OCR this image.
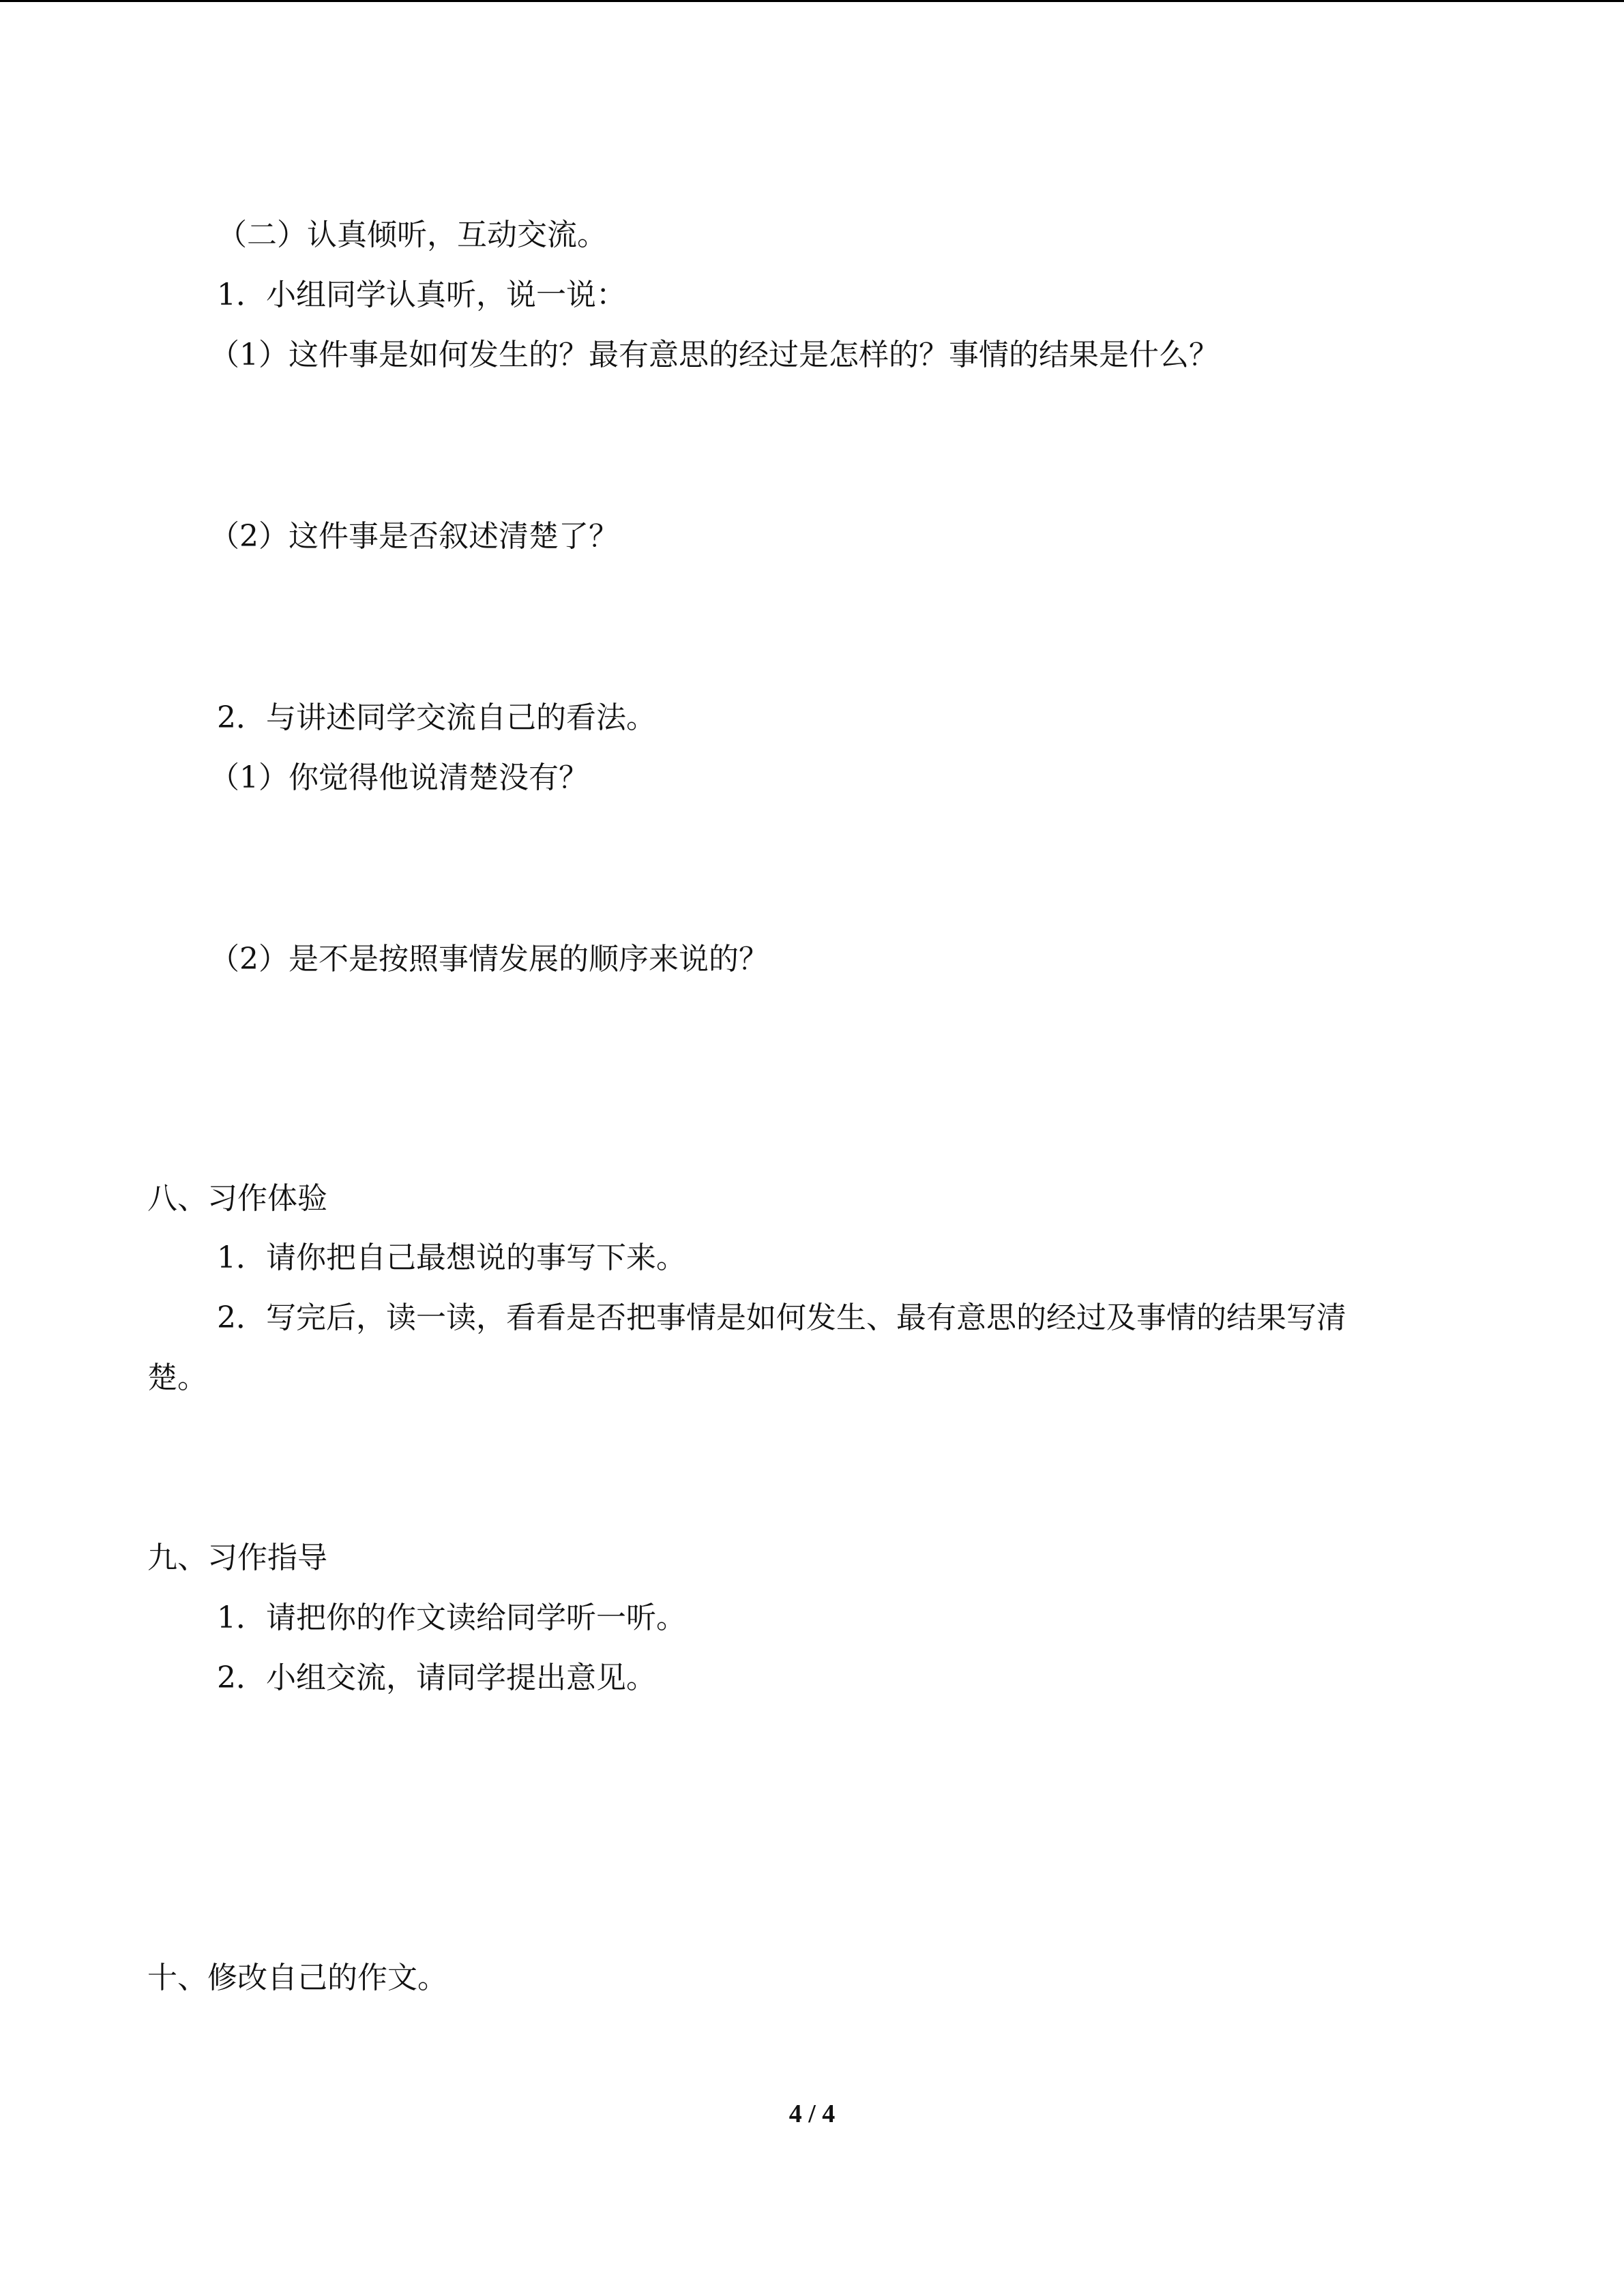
（二）认真倾听，互动交流。
1．小组同学认真听，说一说：
（1）这件事是如何发生的？最有意思的经过是怎样的？事情的结果是什么？
（2）这件事是否叙述清楚了？
2．与讲述同学交流自己的看法。
（1）你觉得他说清楚没有？
（2）是不是按照事情发展的顺序来说的？
八、习作体验
1．请你把自己最想说的事写下来。
2．写完后，读一读，看看是否把事情是如何发生、最有意思的经过及事情的结果写清
楚。
九、习作指导
1．请把你的作文读给同学听一听。
2．小组交流，请同学提出意见。
十、修改自己的作文。
4 / 4
